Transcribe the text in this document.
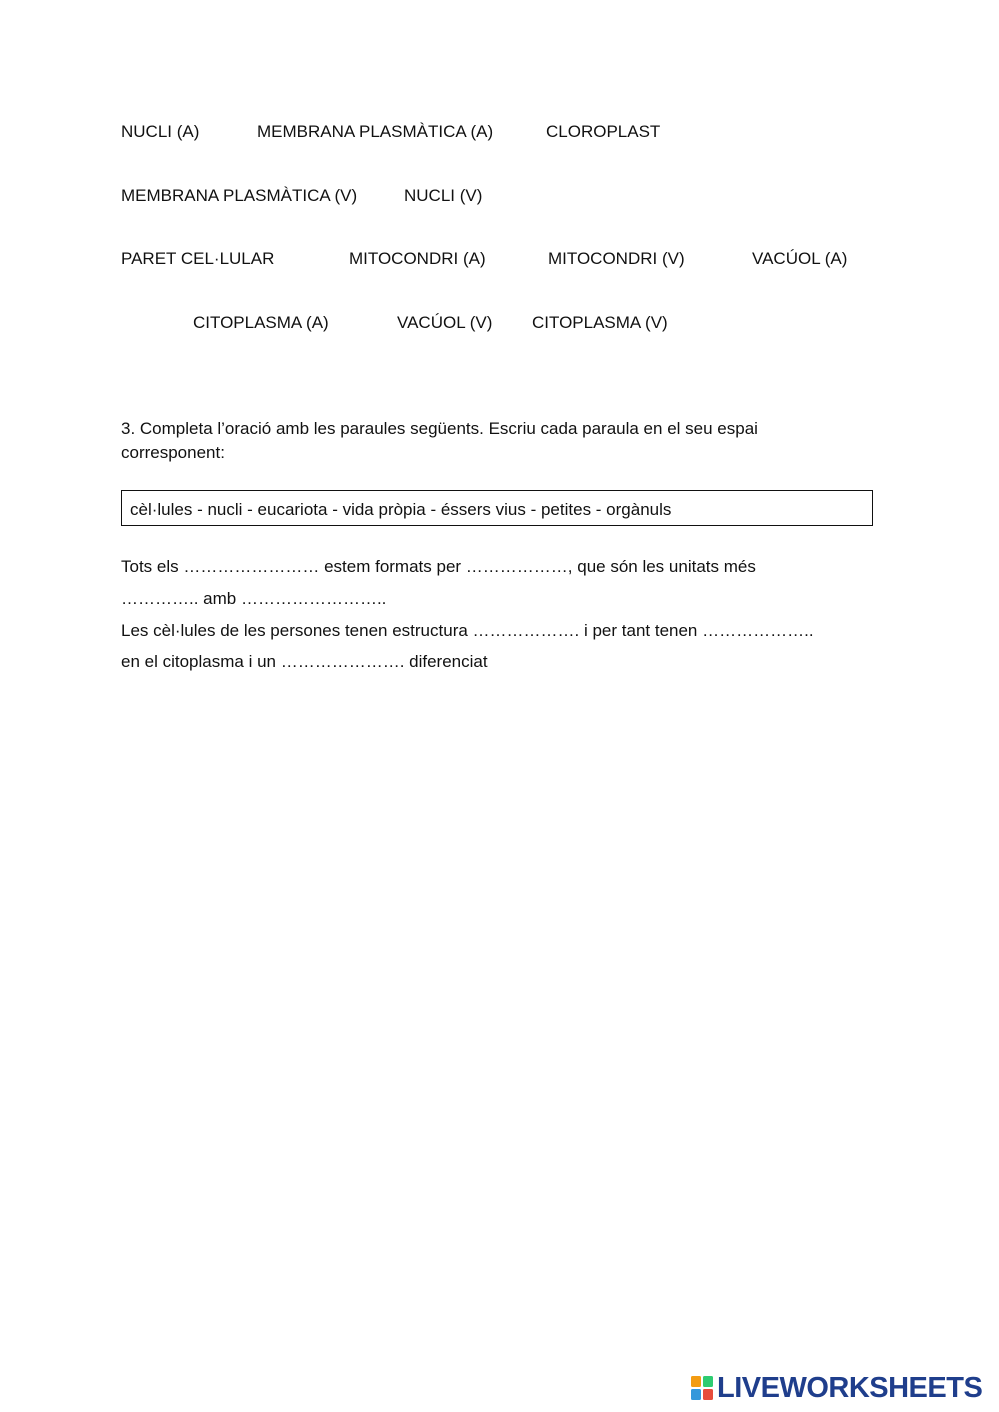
NUCLI (A)	MEMBRANA PLASMÀTICA (A)	CLOROPLAST
MEMBRANA PLASMÀTICA (V)	NUCLI (V)
PARET CEL·LULAR	MITOCONDRI (A)	MITOCONDRI (V)	VACÚOL (A)
CITOPLASMA (A)	VACÚOL (V) CITOPLASMA (V)
3. Completa l’oració amb les paraules següents. Escriu cada paraula en el seu espai corresponent:
cèl·lules - nucli - eucariota - vida pròpia - éssers vius - petites - orgànuls
Tots els …………………… estem formats per ………………, que són les unitats més
………….. amb ……………………..
Les cèl·lules de les persones tenen estructura ………………. i per tant tenen ………………..
en el citoplasma i un …………………. diferenciat
LIVEWORKSHEETS
